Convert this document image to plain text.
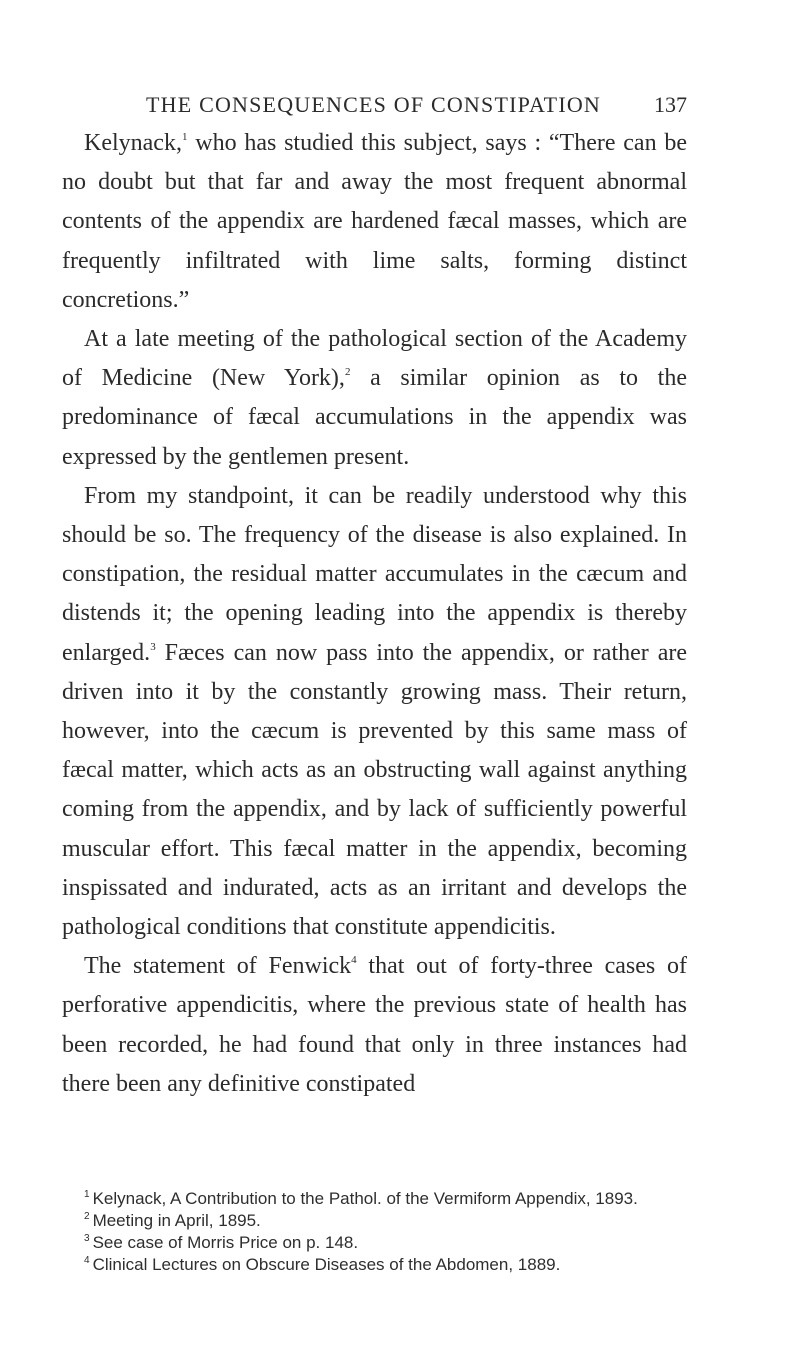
THE CONSEQUENCES OF CONSTIPATION 137

Kelynack,$^1$ who has studied this subject, says : “There can be no doubt but that far and away the most frequent abnormal contents of the appendix are hardened fæcal masses, which are frequently infiltrated with lime salts, forming distinct concretions.”

At a late meeting of the pathological section of the Academy of Medicine (New York),$^2$ a similar opinion as to the predominance of fæcal accumulations in the appendix was expressed by the gentlemen present.

From my standpoint, it can be readily understood why this should be so. The frequency of the disease is also explained. In constipation, the residual matter accumulates in the cæcum and distends it; the opening leading into the appendix is thereby enlarged.$^3$ Fæces can now pass into the appendix, or rather are driven into it by the constantly growing mass. Their return, however, into the cæcum is prevented by this same mass of fæcal matter, which acts as an obstructing wall against anything coming from the appendix, and by lack of sufficiently powerful muscular effort. This fæcal matter in the appendix, becoming inspissated and indurated, acts as an irritant and develops the pathological conditions that constitute appendicitis.

The statement of Fenwick$^4$ that out of forty-three cases of perforative appendicitis, where the previous state of health has been recorded, he had found that only in three instances had there been any definitive constipated

$^1$ Kelynack, A Contribution to the Pathol. of the Vermiform Appendix, 1893.

$^2$ Meeting in April, 1895.

$^3$ See case of Morris Price on p. 148.

$^4$ Clinical Lectures on Obscure Diseases of the Abdomen, 1889.
